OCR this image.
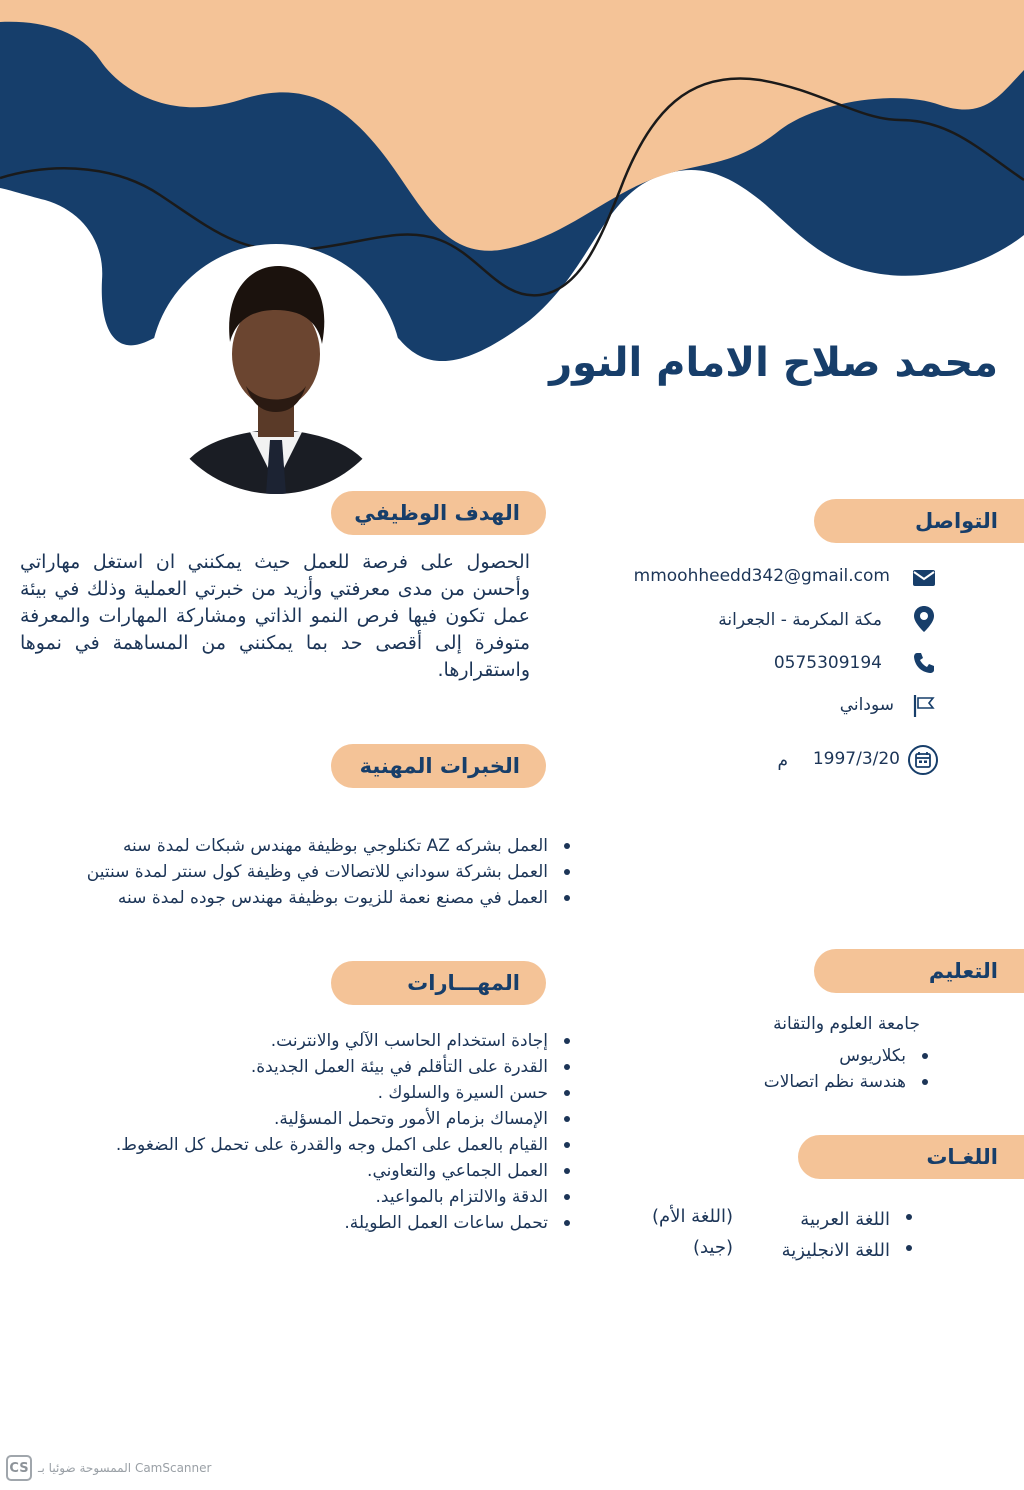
محمد صلاح الامام النور
الهدف الوظيفي
الحصول على فرصة للعمل حيث يمكنني ان استغل مهاراتي وأحسن من مدى معرفتي وأزيد من خبرتي العملية وذلك في بيئة عمل تكون فيها فرص النمو الذاتي ومشاركة المهارات والمعرفة متوفرة إلى أقصى حد بما يمكنني من المساهمة في نموها واستقرارها.
الخبرات المهنية
العمل بشركه AZ تكنلوجي بوظيفة مهندس شبكات لمدة سنه
العمل بشركة سوداني للاتصالات في وظيفة كول سنتر لمدة سنتين
العمل في مصنع نعمة للزيوت بوظيفة مهندس جوده لمدة سنه
المهـــارات
إجادة استخدام الحاسب الآلي والانترنت.
القدرة على التأقلم في بيئة العمل الجديدة.
حسن السيرة والسلوك .
الإمساك بزمام الأمور وتحمل المسؤلية.
القيام بالعمل على اكمل وجه والقدرة على تحمل كل الضغوط.
العمل الجماعي والتعاوني.
الدقة والالتزام بالمواعيد.
تحمل ساعات العمل الطويلة.
التواصل
mmoohheedd342@gmail.com
مكة المكرمة - الجعرانة
0575309194
سوداني
1997/3/20
م
التعليم
جامعة العلوم والتقانة
بكلاريوس
هندسة نظم اتصالات
اللغـات
اللغة العربية
اللغة الانجليزية
(اللغة الأم)
(جيد)
CS الممسوحة ضوئيا بـ CamScanner
